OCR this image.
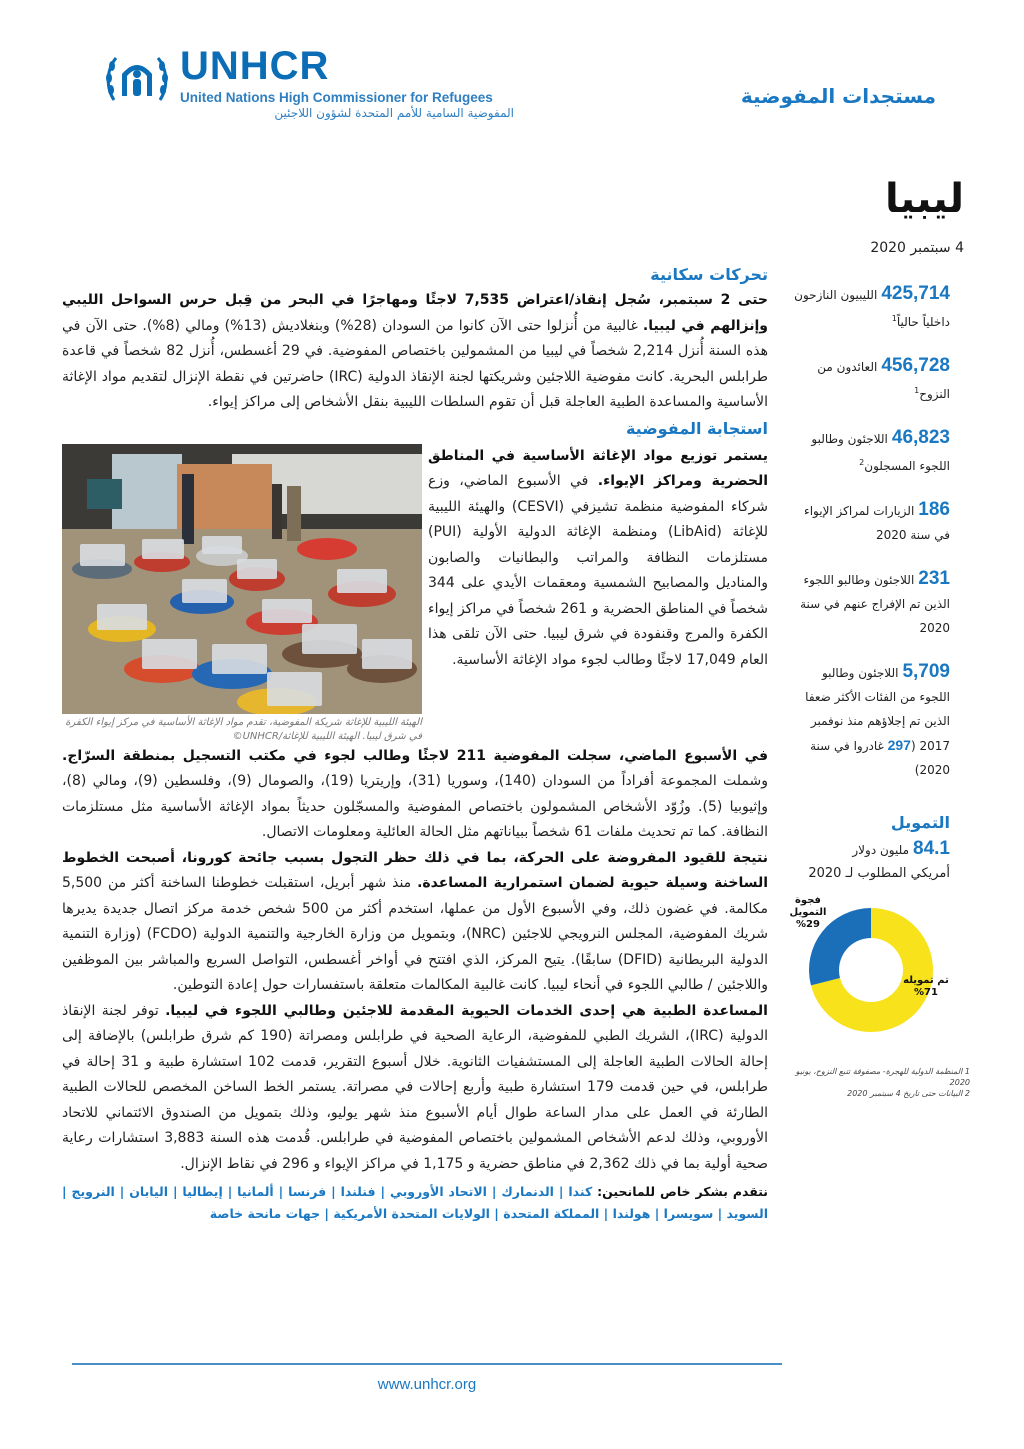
UNHCR
United Nations High Commissioner for Refugees
المفوضية السامية للأمم المتحدة لشؤون اللاجئين
مستجدات المفوضية
ليبيا
4 سبتمبر 2020
تحركات سكانية

حتى 2 سبتمبر، سُجل إنقاذ/اعتراض 7,535 لاجئًا ومهاجرًا في البحر من قِبل حرس السواحل الليبي وإنزالهم في ليبيا. غالبية من أُنزلوا حتى الآن كانوا من السودان (28%) وبنغلاديش (13%) ومالي (8%). حتى الآن في هذه السنة أُنزل 2,214 شخصاً في ليبيا من المشمولين باختصاص المفوضية. في 29 أغسطس، أُنزل 82 شخصاً في قاعدة طرابلس البحرية. كانت مفوضية اللاجئين وشريكتها لجنة الإنقاذ الدولية (IRC) حاضرتين في نقطة الإنزال لتقديم مواد الإغاثة الأساسية والمساعدة الطبية العاجلة قبل أن تقوم السلطات الليبية بنقل الأشخاص إلى مراكز إيواء.

استجابة المفوضية

يستمر توزيع مواد الإغاثة الأساسية في المناطق الحضرية ومراكز الإيواء. في الأسبوع الماضي، وزع شركاء المفوضية منظمة تشيزفي (CESVI) والهيئة الليبية للإغاثة (LibAid) ومنظمة الإغاثة الدولية الأولية (PUI) مستلزمات النظافة والمراتب والبطانيات والصابون والمناديل والمصابيح الشمسية ومعقمات الأيدي على 344 شخصاً في المناطق الحضرية و 261 شخصاً في مراكز إيواء الكفرة والمرج وقنفودة في شرق ليبيا. حتى الآن تلقى هذا العام 17,049 لاجئًا وطالب لجوء مواد الإغاثة الأساسية.

الهيئة الليبية للإغاثة شريكة المفوضية، تقدم مواد الإغاثة الأساسية في مركز إيواء الكفرة في شرق ليبيا. الهيئة الليبية للإغاثة/UNHCR©

في الأسبوع الماضي، سجلت المفوضية 211 لاجئًا وطالب لجوء في مكتب التسجيل بمنطقة السرّاج. وشملت المجموعة أفراداً من السودان (140)، وسوريا (31)، وإريتريا (19)، والصومال (9)، وفلسطين (9)، ومالي (8)، وإثيوبيا (5). وزُوّد الأشخاص المشمولون باختصاص المفوضية والمسجّلون حديثاً بمواد الإغاثة الأساسية مثل مستلزمات النظافة. كما تم تحديث ملفات 61 شخصاً ببياناتهم مثل الحالة العائلية ومعلومات الاتصال.

نتيجة للقيود المفروضة على الحركة، بما في ذلك حظر التجول بسبب جائحة كورونا، أصبحت الخطوط الساخنة وسيلة حيوية لضمان استمرارية المساعدة. منذ شهر أبريل، استقبلت خطوطنا الساخنة أكثر من 5,500 مكالمة. في غضون ذلك، وفي الأسبوع الأول من عملها، استخدم أكثر من 500 شخص خدمة مركز اتصال جديدة يديرها شريك المفوضية، المجلس النرويجي للاجئين (NRC)، وبتمويل من وزارة الخارجية والتنمية الدولية (FCDO) (وزارة التنمية الدولية البريطانية (DFID) سابقًا). يتيح المركز، الذي افتتح في أواخر أغسطس، التواصل السريع والمباشر بين الموظفين واللاجئين / طالبي اللجوء في أنحاء ليبيا. كانت غالبية المكالمات متعلقة باستفسارات حول إعادة التوطين.

المساعدة الطبية هي إحدى الخدمات الحيوية المقدمة للاجئين وطالبي اللجوء في ليبيا. توفر لجنة الإنقاذ الدولية (IRC)، الشريك الطبي للمفوضية، الرعاية الصحية في طرابلس ومصراتة (190 كم شرق طرابلس) بالإضافة إلى إحالة الحالات الطبية العاجلة إلى المستشفيات الثانوية. خلال أسبوع التقرير، قدمت 102 استشارة طبية و 31 إحالة في طرابلس، في حين قدمت 179 استشارة طبية وأربع إحالات في مصراتة. يستمر الخط الساخن المخصص للحالات الطبية الطارئة في العمل على مدار الساعة طوال أيام الأسبوع منذ شهر يوليو، وذلك بتمويل من الصندوق الائتماني للاتحاد الأوروبي، وذلك لدعم الأشخاص المشمولين باختصاص المفوضية في طرابلس. قُدمت هذه السنة 3,883 استشارات رعاية صحية أولية بما في ذلك 2,362 في مناطق حضرية و 1,175 في مراكز الإيواء و 296 في نقاط الإنزال.

نتقدم بشكر خاص للمانحين: كندا | الدنمارك | الاتحاد الأوروبي | فنلندا | فرنسا | ألمانيا | إيطاليا | اليابان | النرويج | السويد | سويسرا | هولندا | المملكة المتحدة | الولايات المتحدة الأمريكية | جهات مانحة خاصة

425,714الليبيون النازحون داخلياً حالياً$^1$
456,728العائدون من النزوح$^1$
46,823اللاجئون وطالبو اللجوء المسجلون$^2$
186الزيارات لمراكز الإيواء في سنة 2020
231اللاجئون وطالبو اللجوء الذين تم الإفراج عنهم في سنة 2020
5,709اللاجئون وطالبو اللجوء من الفئات الأكثر ضعفا الذين تم إجلاؤهم منذ نوفمبر 2017 (297 غادروا في سنة 2020)
التمويل
84.1مليون دولار
أمريكي المطلوب لـ 2020
فجوة التمويل
%29
تم تمويله
%71
1 المنظمة الدولية للهجرة- مصفوفة تتبع النزوح، يونيو 2020
2 البيانات حتى تاريخ 4 سبتمبر 2020
www.unhcr.org
